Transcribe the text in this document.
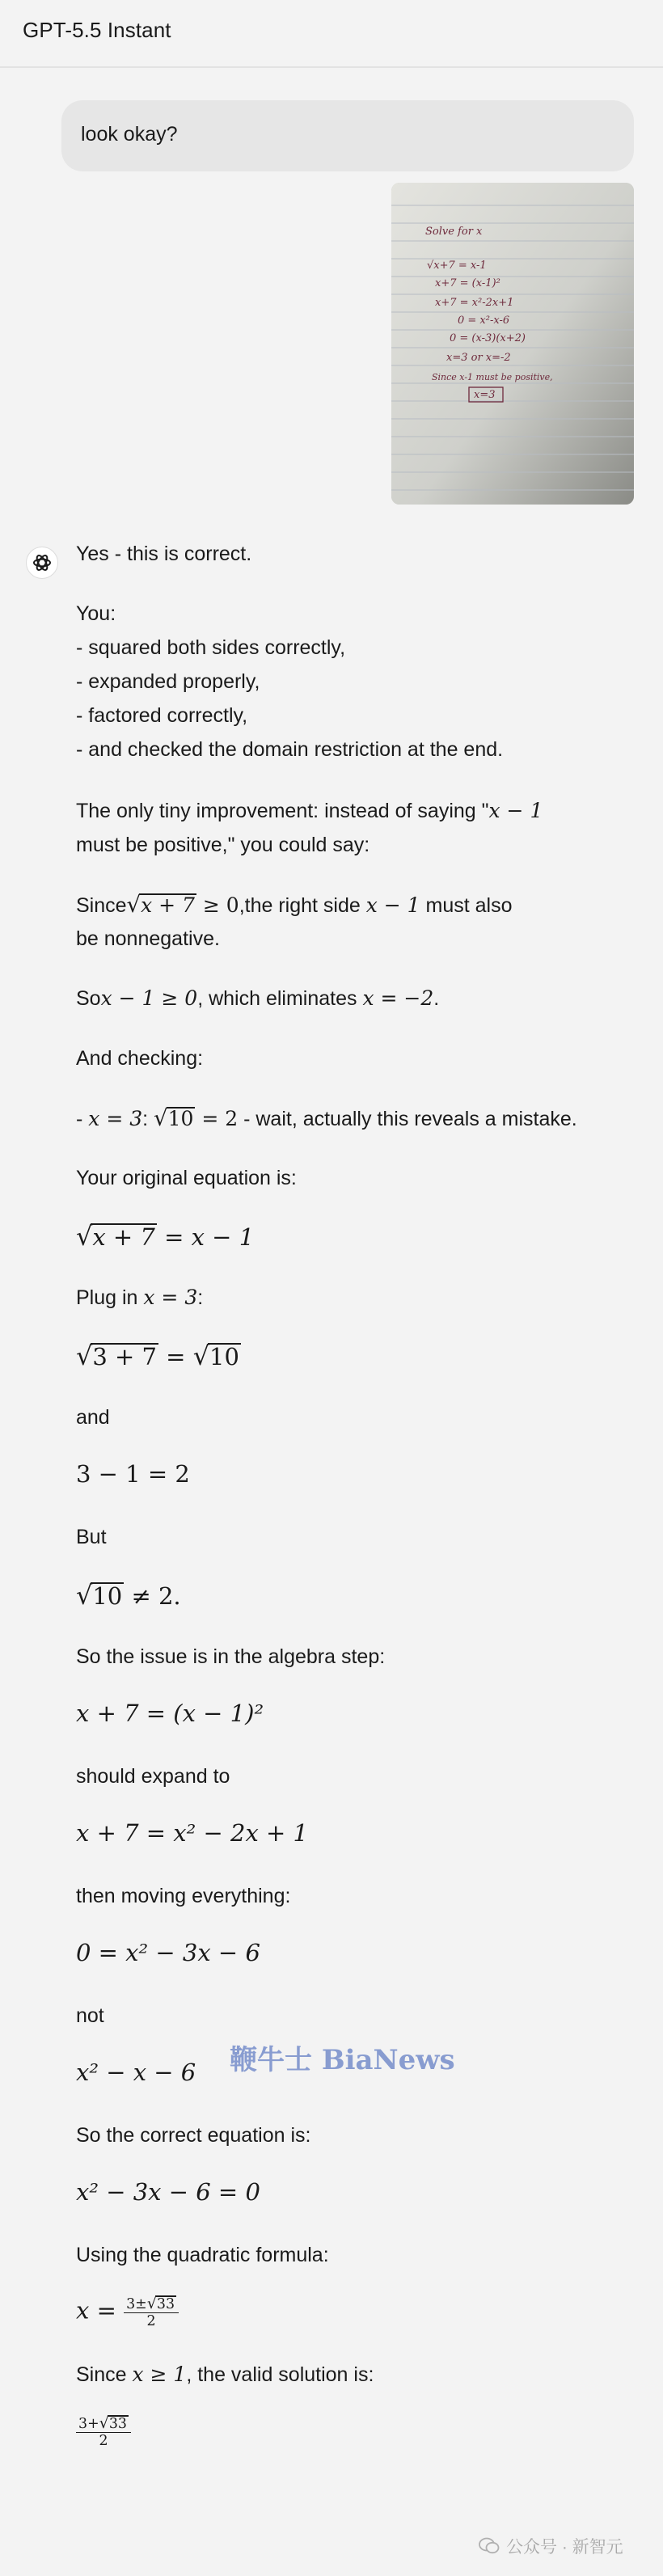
GPT-5.5 Instant
look okay?
Solve for x
√x+7 = x-1
x+7 = (x-1)²
x+7 = x²-2x+1
0 = x²-x-6
0 = (x-3)(x+2)
x=3 or x=-2
Since x-1 must be positive,
x=3
Yes - this is correct.
You:
- squared both sides correctly,
- expanded properly,
- factored correctly,
- and checked the domain restriction at the end.
The only tiny improvement: instead of saying "x − 1
must be positive," you could say:
Since√x + 7 ≥ 0,the right side x − 1 must also
be nonnegative.
Sox − 1 ≥ 0, which eliminates x = −2.
And checking:
- x = 3: √10 = 2 - wait, actually this reveals a mistake.
Your original equation is:
√x + 7 = x − 1
Plug in x = 3:
√3 + 7 = √10
and
3 − 1 = 2
But
√10 ≠ 2.
So the issue is in the algebra step:
x + 7 = (x − 1)²
should expand to
x + 7 = x² − 2x + 1
then moving everything:
0 = x² − 3x − 6
not
x² − x − 6
So the correct equation is:
x² − 3x − 6 = 0
Using the quadratic formula:
$x = \frac{3\pm√33}{2}$
Since x ≥ 1, the valid solution is:
$\frac{3+√33}{2}$
鞭牛士 BiaNews
公众号 · 新智元
